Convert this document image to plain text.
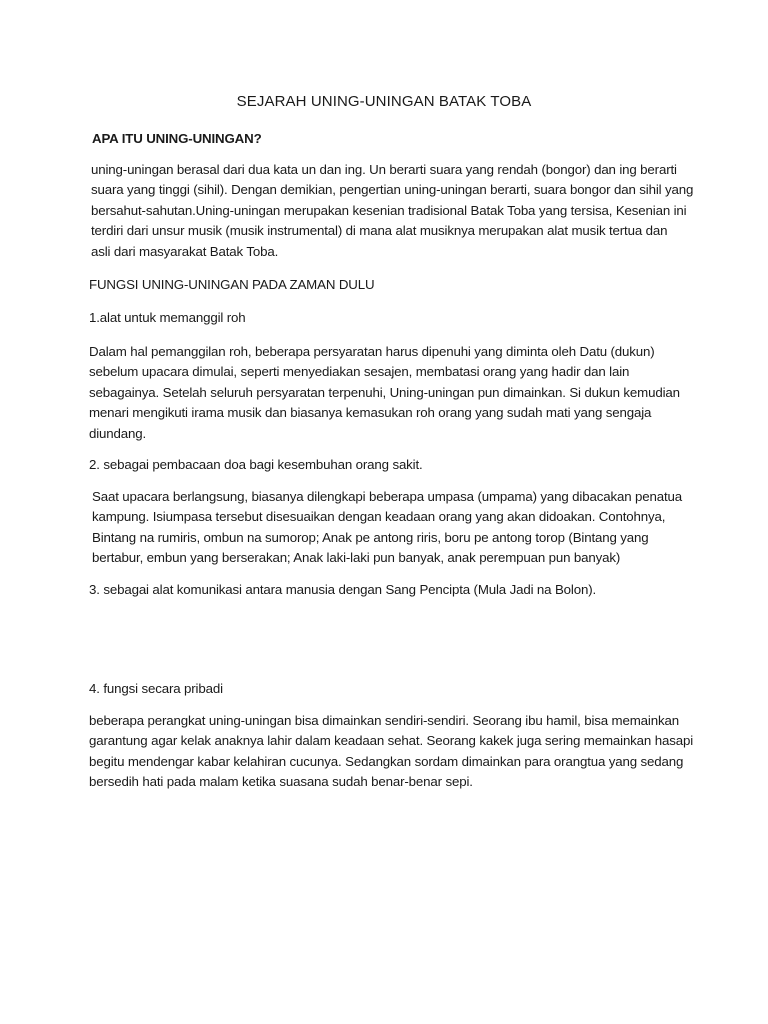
SEJARAH UNING-UNINGAN BATAK TOBA

APA ITU UNING-UNINGAN?

uning-uningan berasal dari dua kata un dan ing. Un berarti suara yang rendah (bongor) dan ing berarti
suara yang tinggi (sihil). Dengan demikian, pengertian uning-uningan berarti, suara bongor dan sihil yang
bersahut-sahutan.Uning-uningan merupakan kesenian tradisional Batak Toba yang tersisa, Kesenian ini
terdiri dari unsur musik (musik instrumental) di mana alat musiknya merupakan alat musik tertua dan
asli dari masyarakat Batak Toba.

FUNGSI UNING-UNINGAN PADA ZAMAN DULU

1.alat untuk memanggil roh

Dalam hal pemanggilan roh, beberapa persyaratan harus dipenuhi yang diminta oleh Datu (dukun)
sebelum upacara dimulai, seperti menyediakan sesajen, membatasi orang yang hadir dan lain
sebagainya. Setelah seluruh persyaratan terpenuhi, Uning-uningan pun dimainkan. Si dukun kemudian
menari mengikuti irama musik dan biasanya kemasukan roh orang yang sudah mati yang sengaja
diundang.

2. sebagai pembacaan doa bagi kesembuhan orang sakit.

Saat upacara berlangsung, biasanya dilengkapi beberapa umpasa (umpama) yang dibacakan penatua
kampung. Isiumpasa tersebut disesuaikan dengan keadaan orang yang akan didoakan. Contohnya,
Bintang na rumiris, ombun na sumorop; Anak pe antong riris, boru pe antong torop (Bintang yang
bertabur, embun yang berserakan; Anak laki-laki pun banyak, anak perempuan pun banyak)

3. sebagai alat komunikasi antara manusia dengan Sang Pencipta (Mula Jadi na Bolon).

4. fungsi secara pribadi

beberapa perangkat uning-uningan bisa dimainkan sendiri-sendiri. Seorang ibu hamil, bisa memainkan
garantung agar kelak anaknya lahir dalam keadaan sehat. Seorang kakek juga sering memainkan hasapi
begitu mendengar kabar kelahiran cucunya. Sedangkan sordam dimainkan para orangtua yang sedang
bersedih hati pada malam ketika suasana sudah benar-benar sepi.
